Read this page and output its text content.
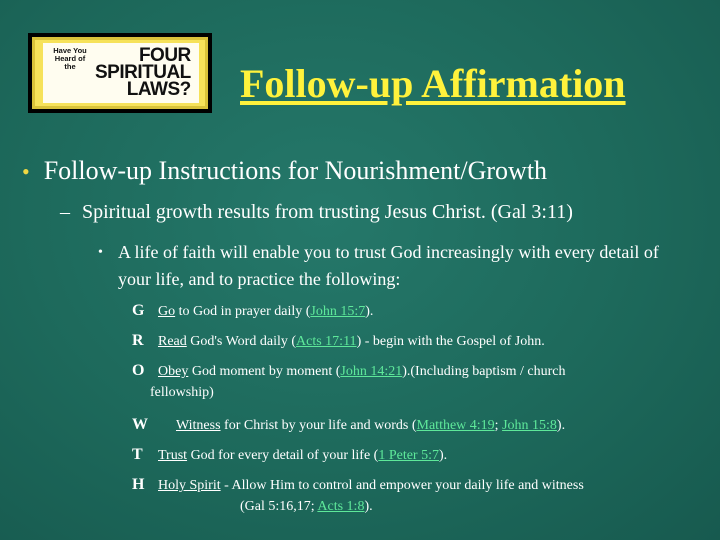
Have You Heard of the
FOUR
SPIRITUAL
LAWS? Follow-up Affirmation
• Follow-up Instructions for Nourishment/Growth
– Spiritual growth results from trusting Jesus Christ. (Gal 3:11)
• A life of faith will enable you to trust God increasingly with every detail of your life, and to practice the following:
G Go to God in prayer daily (John 15:7).
R Read God's Word daily (Acts 17:11) - begin with the Gospel of John.
O Obey God moment by moment (John 14:21).(Including baptism / church
fellowship)
W Witness for Christ by your life and words (Matthew 4:19; John 15:8).
T Trust God for every detail of your life (1 Peter 5:7).
H Holy Spirit - Allow Him to control and empower your daily life and witness
(Gal 5:16,17; Acts 1:8).
